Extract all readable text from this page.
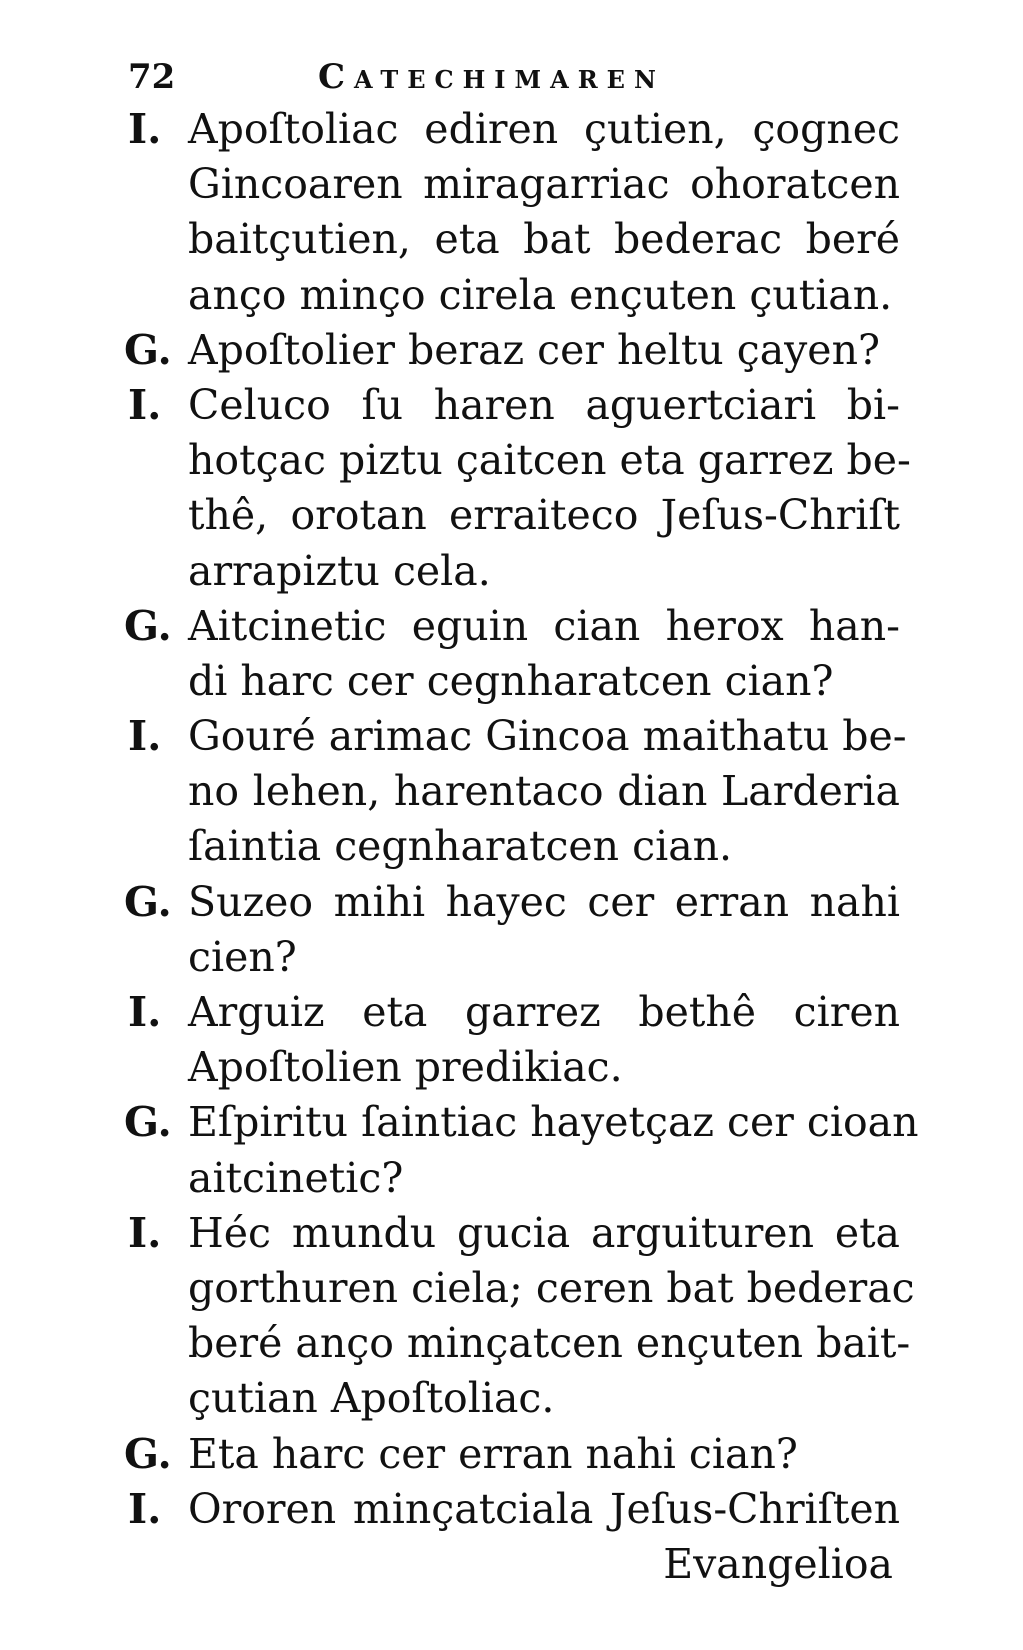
72	Catechimaren
I. Apoſtoliac ediren çutien, çognec
Gincoaren miragarriac ohoratcen
baitçutien, eta bat bederac beré
anço minço cirela ençuten çutian.
G. Apoſtolier beraz cer heltu çayen?
I. Celuco ſu haren aguertciari bi-
hotçac piztu çaitcen eta garrez be-
thê, orotan erraiteco Jeſus-Chriſt
arrapiztu cela.
G. Aitcinetic eguin cian herox han-
di harc cer cegnharatcen cian?
I. Gouré arimac Gincoa maithatu be-
no lehen, harentaco dian Larderia
ſaintia cegnharatcen cian.
G. Suzeo mihi hayec cer erran nahi
cien?
I. Arguiz eta garrez bethê ciren
Apoſtolien predikiac.
G. Eſpiritu ſaintiac hayetçaz cer cioan
aitcinetic?
I. Héc mundu gucia arguituren eta
gorthuren ciela; ceren bat bederac
beré anço minçatcen ençuten bait-
çutian Apoſtoliac.
G. Eta harc cer erran nahi cian?
I. Ororen minçatciala Jeſus-Chriſten
Evangelioa
